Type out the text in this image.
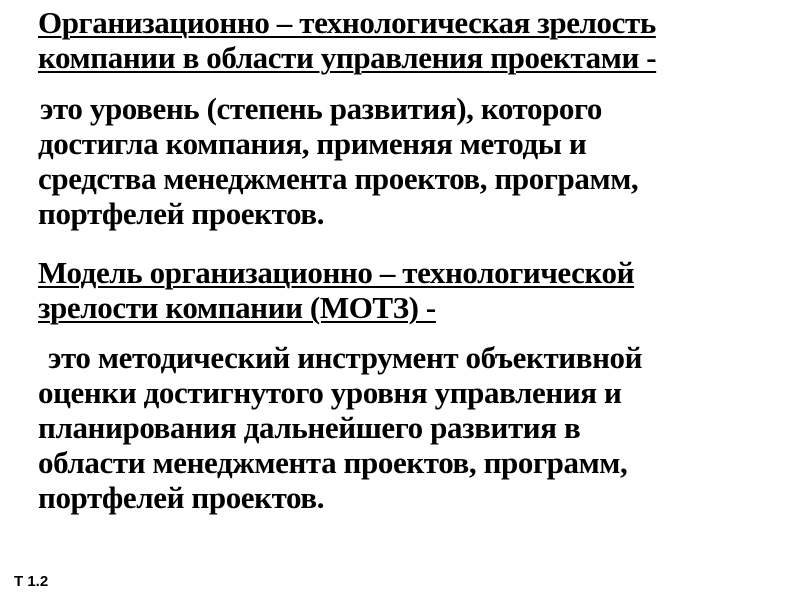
Организационно – технологическая зрелость
компании в области управления проектами -

это уровень (степень развития), которого
достигла компания, применяя методы и
средства менеджмента проектов, программ,
портфелей проектов.

Модель организационно – технологической
зрелости компании (МОТЗ) -

это методический инструмент объективной
оценки достигнутого уровня управления и
планирования дальнейшего развития в
области менеджмента проектов, программ,
портфелей проектов.

Т 1.2
